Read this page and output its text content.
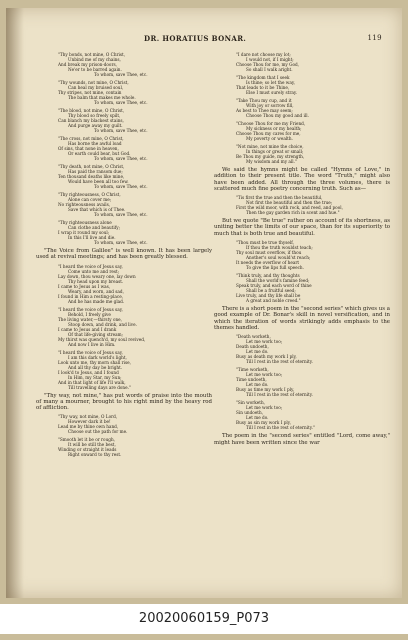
DR. HORATIUS BONAR.	119
"Thy bonds, not mine, O Christ,
Unbind me of my chains,
And break my prison-doors,
Ne'er to be barred again.
To whom, save Thee, etc.
"Thy wounds, not mine, O Christ,
Can heal my bruised soul,
Thy stripes, not mine, contain
The balm that makes me whole.
To whom, save Thee, etc.
"The blood, not mine, O Christ,
Thy blood so freely spilt,
Can blanch my blackest stains,
And purge away my guilt.
To whom, save Thee, etc.
"The cross, not mine, O Christ,
Has borne the awful load
Of sins, that none in heaven,
Or earth could bear, but God.
To whom, save Thee, etc.
"Thy death, not mine, O Christ,
Has paid the ransom due;
Ten thousand deaths like mine,
Would have been all too few.
To whom, save Thee, etc.
"Thy righteousness, O Christ,
Alone can cover me;
No righteousness avails,
Save that which is of Thee.
To whom, save Thee, etc.
"Thy righteousness alone
Can clothe and beautify;
I wrap it round my soul;
In this I'll live and die.
To whom, save Thee, etc.

"The Voice from Galilee" is well known. It has been largely used at revival meetings; and has been greatly blessed.

"I heard the voice of Jesus say,
Come unto me and rest;
Lay down, thou weary one, lay down
Thy head upon my breast.
I came to Jesus as I was,
Weary, and worn, and sad,
I found in Him a resting-place,
And he has made me glad.
"I heard the voice of Jesus say,
Behold, I freely give
The living water,—thirsty one,
Stoop down, and drink, and live.
I came to Jesus and I drank
Of that life-giving stream;
My thirst was quench'd, my soul revived,
And now I live in Him.
"I heard the voice of Jesus say,
I am this dark world's light,
Look unto me, thy morn shall rise,
And all thy day be bright.
I look'd to Jesus, and I found
In Him, my Star, my Sun;
And in that light of life I'll walk,
Till travelling days are done."

"Thy way, not mine," has put words of praise into the mouth of many a mourner, brought to his right mind by the heavy rod of affliction.

"Thy way, not mine, O Lord,
However dark it be!
Lead me by thine own hand,
Choose out the path for me.
"Smooth let it be or rough,
It will be still the best,
Winding or straight it leads
Right onward to thy rest.
"I dare not choose my lot;
I would not, if I might;
Choose Thou for me, my God,
So shall I walk aright.
"The kingdom that I seek
Is thine; so let the way,
That leads to it be Thine,
Else I must surely stray.
"Take Thou my cup, and it
With joy or sorrow fill,
As best to Thee may seem;
Choose Thou my good and ill.
"Choose Thou for me my Friend,
My sickness or my health;
Choose Thou my cares for me,
My poverty or wealth.
"Not mine, not mine the choice,
In things or great or small;
Be Thou my guide, my strength,
My wisdom and my all."

We said the hymns might be called "Hymns of Love," in addition to their present title. The word "Truth," might also have been added. All through the three volumes, there is scattered much fine poetry concerning truth. Such as—

"Tis first the true and then the beautiful,
Not first the beautiful and then the true;
First the wild moor, with rock, and reed, and pool,
Then the gay garden rich in scent and hue."

But we quote "Be true" rather on account of its shortness, as uniting better the limits of our space, than for its superiority to much that is both true and beautiful.

"Thou must be true thyself,
If thou the truth wouldst teach;
Thy soul must overflow, if thou
Another's soul would'st reach;
It needs the overflow of heart
To give the lips full speech.
"Think truly, and thy thoughts
Shall the world's famine feed;
Speak truly, and each word of thine
Shall be a fruitful seed;
Live truly, and thy life shall be
A great and noble creed."

There is a short poem in the "second series" which gives us a good example of Dr. Bonar's skill in novel versification, and in which the iteration of words strikingly adds emphasis to the themes handled.

"Death worketh,
Let me work too;
Death undoeth,
Let me do.
Busy as death my work I ply,
Till I rest in the rest of eternity.
"Time worketh,
Let me work too;
Time undoeth,
Let me do.
Busy as time my work I ply,
Till I rest in the rest of eternity.
"Sin worketh,
Let me work too;
Sin undoeth,
Let me do.
Busy as sin my work I ply,
Till I rest in the rest of eternity."

The poem in the "second series" entitled "Lord, come away," might have been written since the war

20020060159_P073
